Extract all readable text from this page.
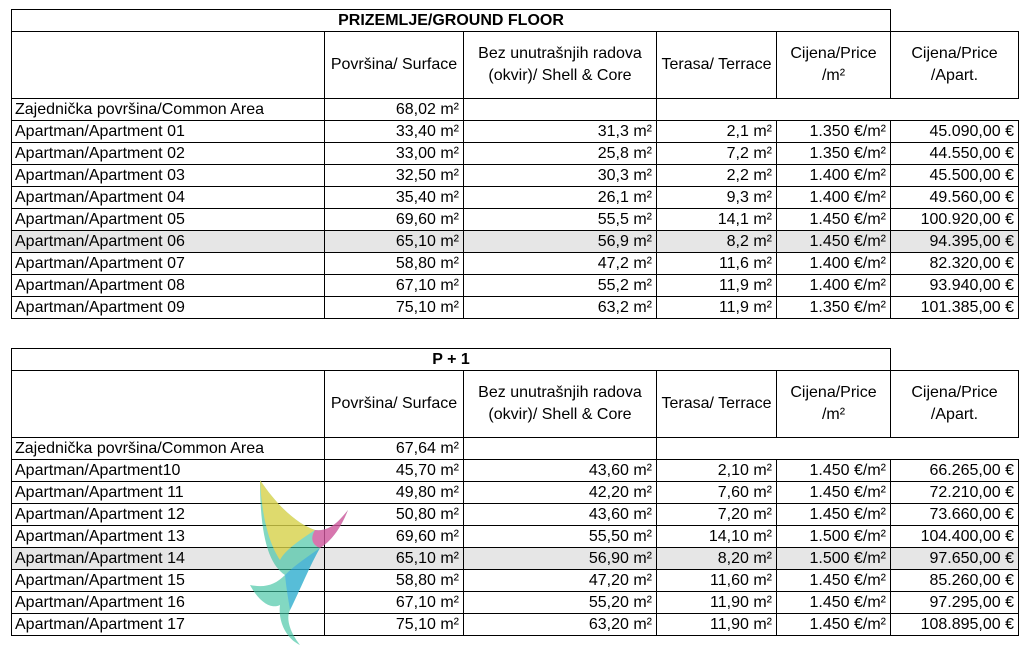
PRIZEMLJE/GROUND FLOOR					
	Površina/ Surface	Bez unutrašnjih radova (okvir)/ Shell & Core	Terasa/ Terrace	Cijena/Price /m²	Cijena/Price /Apart.
Zajednička površina/Common Area	68,02 m²				
Apartman/Apartment 01	33,40 m²	31,3 m²	2,1 m²	1.350 €/m²	45.090,00 €
Apartman/Apartment 02	33,00 m²	25,8 m²	7,2 m²	1.350 €/m²	44.550,00 €
Apartman/Apartment 03	32,50 m²	30,3 m²	2,2 m²	1.400 €/m²	45.500,00 €
Apartman/Apartment 04	35,40 m²	26,1 m²	9,3 m²	1.400 €/m²	49.560,00 €
Apartman/Apartment 05	69,60 m²	55,5 m²	14,1 m²	1.450 €/m²	100.920,00 €
Apartman/Apartment 06	65,10 m²	56,9 m²	8,2 m²	1.450 €/m²	94.395,00 €
Apartman/Apartment 07	58,80 m²	47,2 m²	11,6 m²	1.400 €/m²	82.320,00 €
Apartman/Apartment 08	67,10 m²	55,2 m²	11,9 m²	1.400 €/m²	93.940,00 €
Apartman/Apartment 09	75,10 m²	63,2 m²	11,9 m²	1.350 €/m²	101.385,00 €
P + 1					
	Površina/ Surface	Bez unutrašnjih radova (okvir)/ Shell & Core	Terasa/ Terrace	Cijena/Price /m²	Cijena/Price /Apart.
Zajednička površina/Common Area	67,64 m²				
Apartman/Apartment10	45,70 m²	43,60 m²	2,10 m²	1.450 €/m²	66.265,00 €
Apartman/Apartment 11	49,80 m²	42,20 m²	7,60 m²	1.450 €/m²	72.210,00 €
Apartman/Apartment 12	50,80 m²	43,60 m²	7,20 m²	1.450 €/m²	73.660,00 €
Apartman/Apartment 13	69,60 m²	55,50 m²	14,10 m²	1.500 €/m²	104.400,00 €
Apartman/Apartment 14	65,10 m²	56,90 m²	8,20 m²	1.500 €/m²	97.650,00 €
Apartman/Apartment 15	58,80 m²	47,20 m²	11,60 m²	1.450 €/m²	85.260,00 €
Apartman/Apartment 16	67,10 m²	55,20 m²	11,90 m²	1.450 €/m²	97.295,00 €
Apartman/Apartment 17	75,10 m²	63,20 m²	11,90 m²	1.450 €/m²	108.895,00 €
